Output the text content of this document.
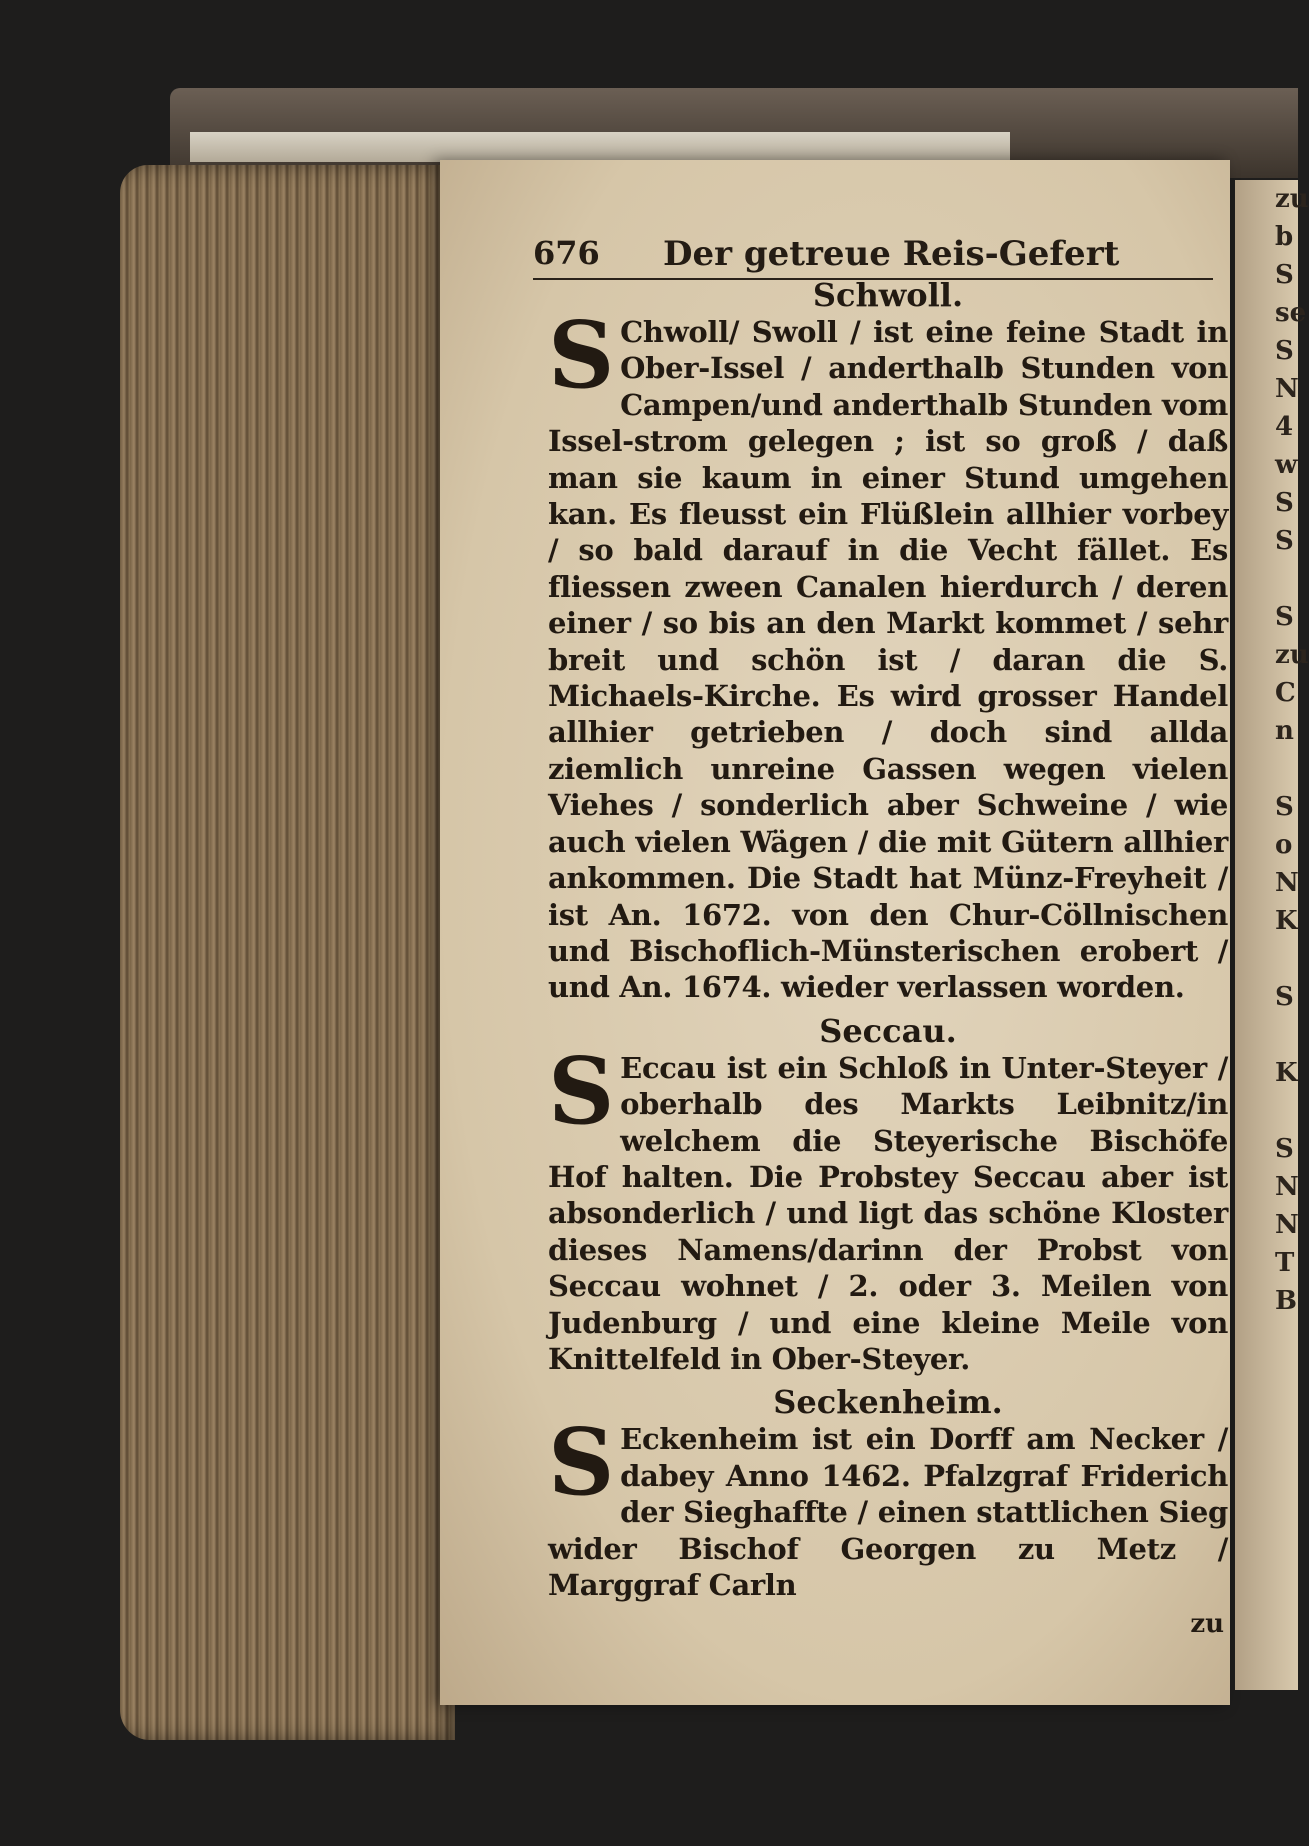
zu
b
S
se
S
N
4
w
S
S

S
zu
C
n

S
o
N
K

S

K

S
N
N
T
B
676 Der getreue Reis-Gefert

Schwoll.

S Chwoll/ Swoll / ist eine feine Stadt in Ober-Issel / anderthalb Stunden von Campen/und anderthalb Stunden vom Issel-strom gelegen ; ist so groß / daß man sie kaum in einer Stund umgehen kan. Es fleusst ein Flüßlein allhier vorbey / so bald darauf in die Vecht fället. Es fliessen zween Canalen hierdurch / deren einer / so bis an den Markt kommet / sehr breit und schön ist / daran die S. Michaels-Kirche. Es wird grosser Handel allhier getrieben / doch sind allda ziemlich unreine Gassen wegen vielen Viehes / sonderlich aber Schweine / wie auch vielen Wägen / die mit Gütern allhier ankommen. Die Stadt hat Münz-Freyheit / ist An. 1672. von den Chur-Cöllnischen und Bischoflich-Münsterischen erobert / und An. 1674. wieder verlassen worden.

Seccau.

S Eccau ist ein Schloß in Unter-Steyer / oberhalb des Markts Leibnitz/in welchem die Steyerische Bischöfe Hof halten. Die Probstey Seccau aber ist absonderlich / und ligt das schöne Kloster dieses Namens/darinn der Probst von Seccau wohnet / 2. oder 3. Meilen von Judenburg / und eine kleine Meile von Knittelfeld in Ober-Steyer.

Seckenheim.

S Eckenheim ist ein Dorff am Necker / dabey Anno 1462. Pfalzgraf Friderich der Sieghaffte / einen stattlichen Sieg wider Bischof Georgen zu Metz / Marggraf Carln

zu
